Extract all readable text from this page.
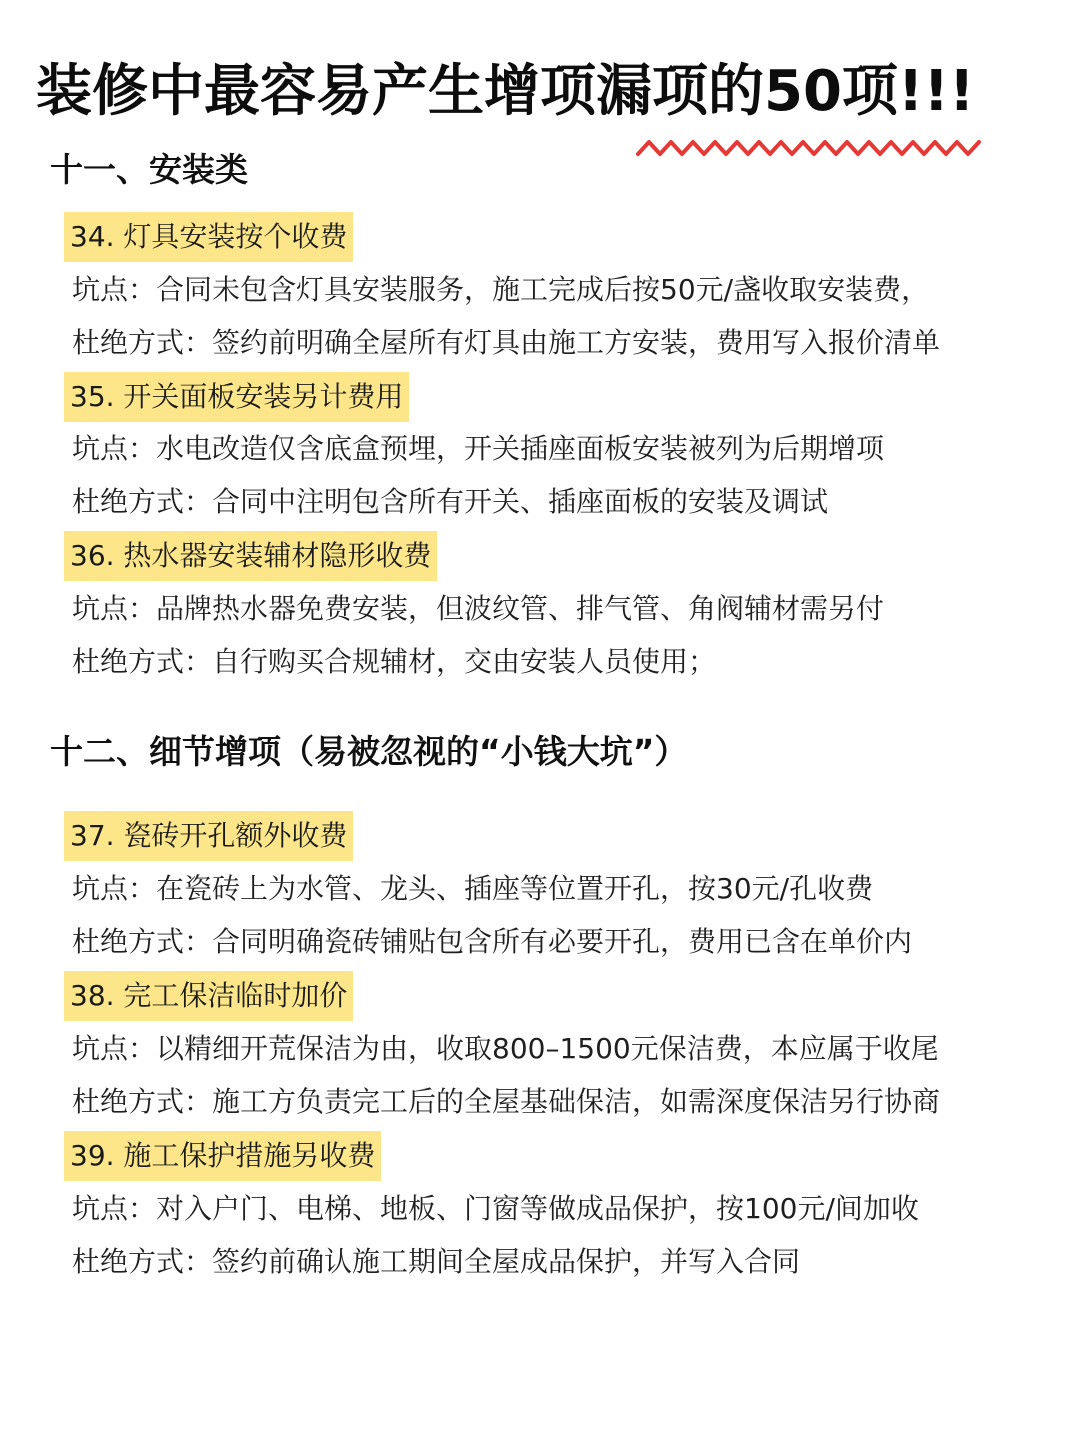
装修中最容易产生增项漏项的50项!!!
十一、安装类
34. 灯具安装按个收费
坑点：合同未包含灯具安装服务，施工完成后按50元/盏收取安装费，
杜绝方式：签约前明确全屋所有灯具由施工方安装，费用写入报价清单
35. 开关面板安装另计费用
坑点：水电改造仅含底盒预埋，开关插座面板安装被列为后期增项
杜绝方式：合同中注明包含所有开关、插座面板的安装及调试
36. 热水器安装辅材隐形收费
坑点：品牌热水器免费安装，但波纹管、排气管、角阀辅材需另付
杜绝方式：自行购买合规辅材，交由安装人员使用；
十二、细节增项（易被忽视的“小钱大坑”）
37. 瓷砖开孔额外收费
坑点：在瓷砖上为水管、龙头、插座等位置开孔，按30元/孔收费
杜绝方式：合同明确瓷砖铺贴包含所有必要开孔，费用已含在单价内
38. 完工保洁临时加价
坑点：以精细开荒保洁为由，收取800–1500元保洁费，本应属于收尾
杜绝方式：施工方负责完工后的全屋基础保洁，如需深度保洁另行协商
39. 施工保护措施另收费
坑点：对入户门、电梯、地板、门窗等做成品保护，按100元/间加收
杜绝方式：签约前确认施工期间全屋成品保护，并写入合同
